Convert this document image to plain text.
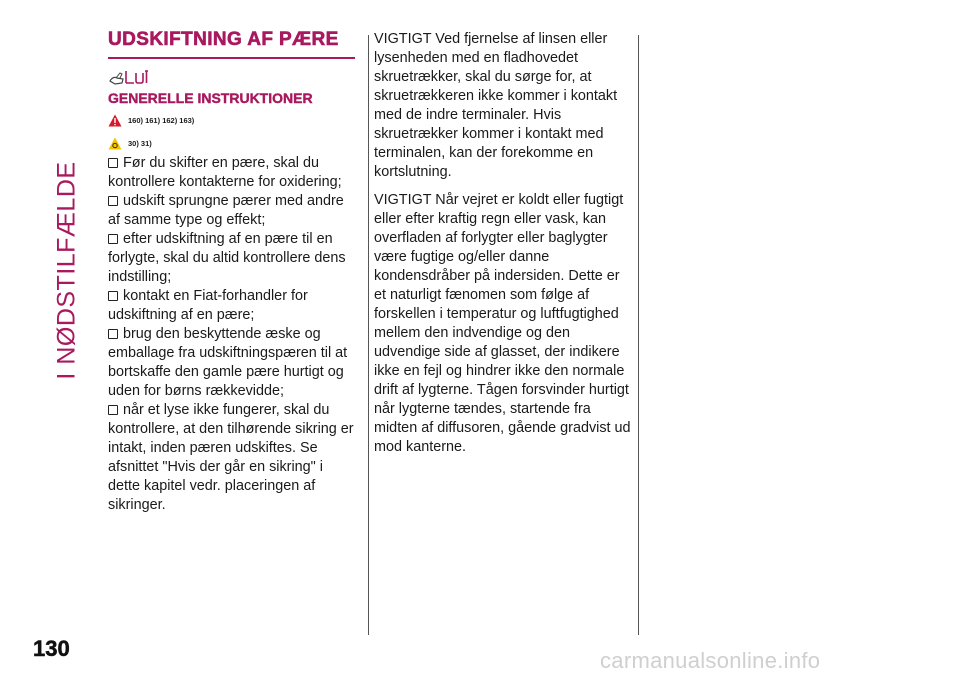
I NØDSTILFÆLDE
UDSKIFTNING AF PÆRE
GENERELLE INSTRUKTIONER
160) 161) 162) 163)
30) 31)

Før du skifter en pære, skal du kontrollere kontakterne for oxidering;

udskift sprungne pærer med andre af samme type og effekt;

efter udskiftning af en pære til en forlygte, skal du altid kontrollere dens indstilling;

kontakt en Fiat-forhandler for udskiftning af en pære;

brug den beskyttende æske og emballage fra udskiftningspæren til at bortskaffe den gamle pære hurtigt og uden for børns rækkevidde;

når et lyse ikke fungerer, skal du kontrollere, at den tilhørende sikring er intakt, inden pæren udskiftes. Se afsnittet "Hvis der går en sikring" i dette kapitel vedr. placeringen af sikringer.

VIGTIGT Ved fjernelse af linsen eller lysenheden med en fladhovedet skruetrækker, skal du sørge for, at skruetrækkeren ikke kommer i kontakt med de indre terminaler. Hvis skruetrækker kommer i kontakt med terminalen, kan der forekomme en kortslutning.

VIGTIGT Når vejret er koldt eller fugtigt eller efter kraftig regn eller vask, kan overfladen af forlygter eller baglygter være fugtige og/eller danne kondensdråber på indersiden. Dette er et naturligt fænomen som følge af forskellen i temperatur og luftfugtighed mellem den indvendige og den udvendige side af glasset, der indikere ikke en fejl og hindrer ikke den normale drift af lygterne. Tågen forsvinder hurtigt når lygterne tændes, startende fra midten af diffusoren, gående gradvist ud mod kanterne.

130	carmanualsonline.info
